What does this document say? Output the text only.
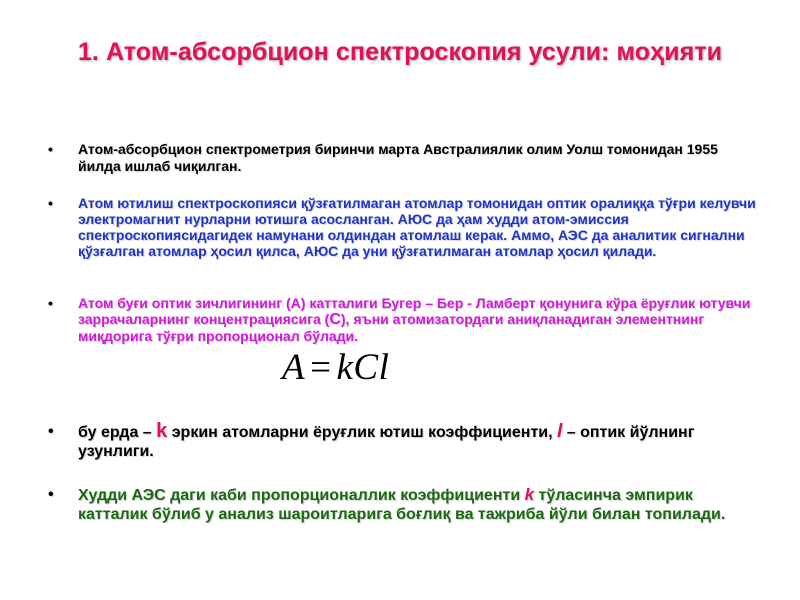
1. Атом-абсорбцион спектроскопия усули: моҳияти
• Атом-абсорбцион спектрометрия биринчи марта Австралиялик олим Уолш томонидан 1955 йилда ишлаб чиқилган.
• Атом ютилиш спектроскопияси қўзғатилмаган атомлар томонидан оптик оралиққа тўғри келувчи электромагнит нурларни ютишга асосланган. АЮС да ҳам худди атом-эмиссия спектроскопиясидагидек намунани олдиндан атомлаш керак. Аммо, АЭС да аналитик сигнални қўзғалган атомлар ҳосил қилса, АЮС да уни қўзғатилмаган атомлар ҳосил қилади.
• Атом буғи оптик зичлигининг (А) катталиги Бугер – Бер - Ламберт қонунига кўра ёруғлик ютувчи заррачаларнинг концентрациясига (С), яъни атомизатордаги аниқланадиган элементнинг миқдорига тўғри пропорционал бўлади.
A = kCl
• бу ерда – k эркин атомларни ёруғлик ютиш коэффициенти, l – оптик йўлнинг узунлиги.
• Худди АЭС даги каби пропорционаллик коэффициенти k тўласинча эмпирик катталик бўлиб у анализ шароитларига боғлиқ ва тажриба йўли билан топилади.
